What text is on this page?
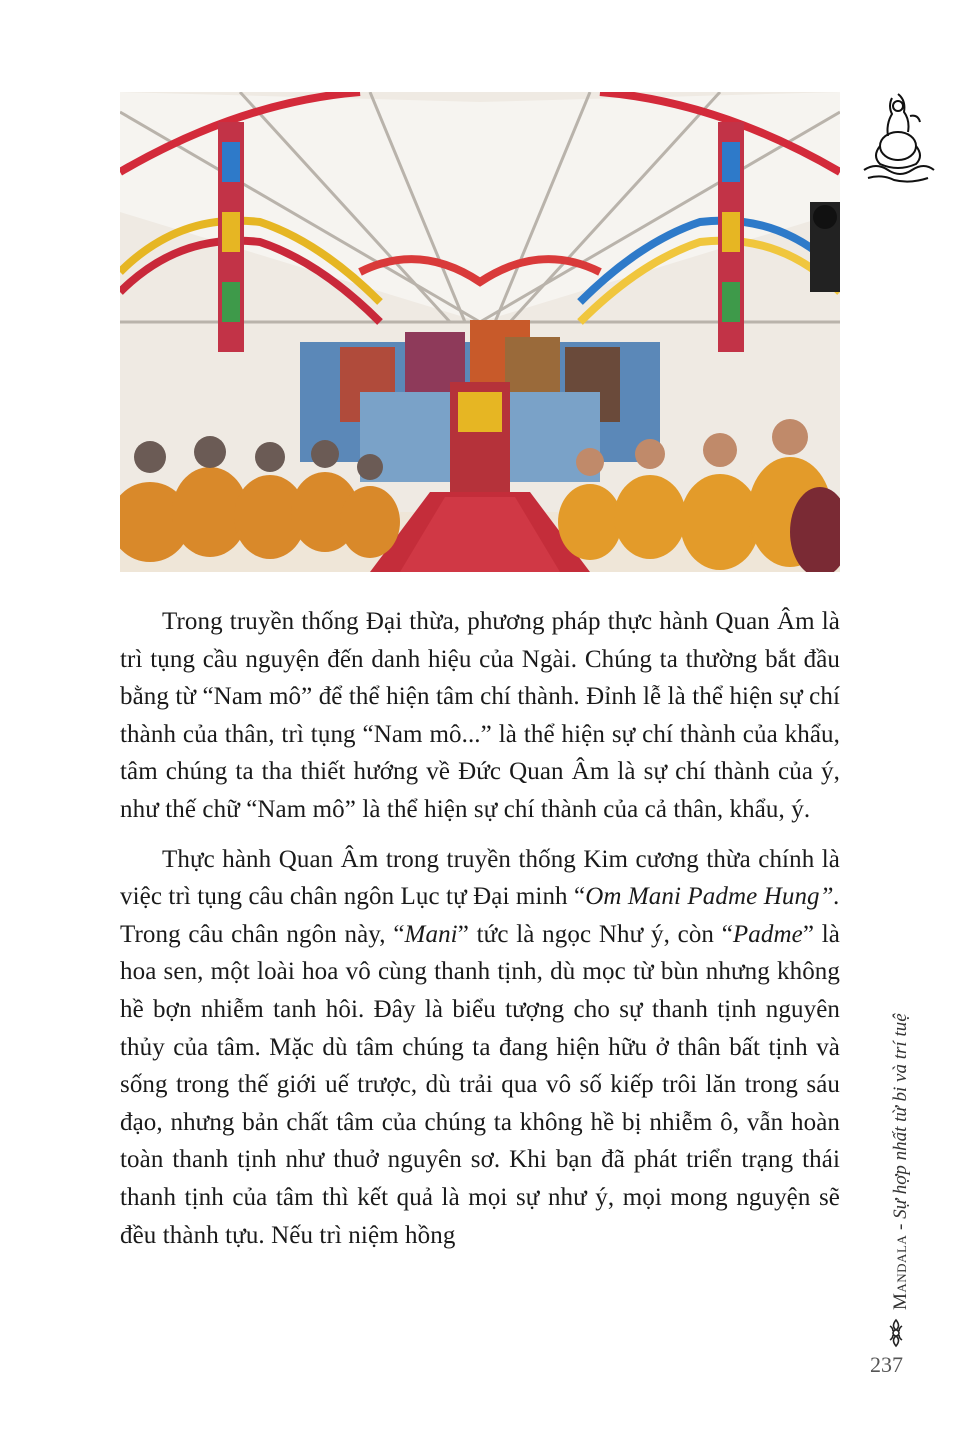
Trong truyền thống Đại thừa, phương pháp thực hành Quan Âm là trì tụng cầu nguyện đến danh hiệu của Ngài. Chúng ta thường bắt đầu bằng từ “Nam mô” để thể hiện tâm chí thành. Đỉnh lễ là thể hiện sự chí thành của thân, trì tụng “Nam mô...” là thể hiện sự chí thành của khẩu, tâm chúng ta tha thiết hướng về Đức Quan Âm là sự chí thành của ý, như thế chữ “Nam mô” là thể hiện sự chí thành của cả thân, khẩu, ý.

Thực hành Quan Âm trong truyền thống Kim cương thừa chính là việc trì tụng câu chân ngôn Lục tự Đại minh “Om Mani Padme Hung”. Trong câu chân ngôn này, “Mani” tức là ngọc Như ý, còn “Padme” là hoa sen, một loài hoa vô cùng thanh tịnh, dù mọc từ bùn nhưng không hề bợn nhiễm tanh hôi. Đây là biểu tượng cho sự thanh tịnh nguyên thủy của tâm. Mặc dù tâm chúng ta đang hiện hữu ở thân bất tịnh và sống trong thế giới uế trược, dù trải qua vô số kiếp trôi lăn trong sáu đạo, nhưng bản chất tâm của chúng ta không hề bị nhiễm ô, vẫn hoàn toàn thanh tịnh như thuở nguyên sơ. Khi bạn đã phát triển trạng thái thanh tịnh của tâm thì kết quả là mọi sự như ý, mọi mong nguyện sẽ đều thành tựu. Nếu trì niệm hồng	Mandala - Sự hợp nhất từ bi và trí tuệ
237
